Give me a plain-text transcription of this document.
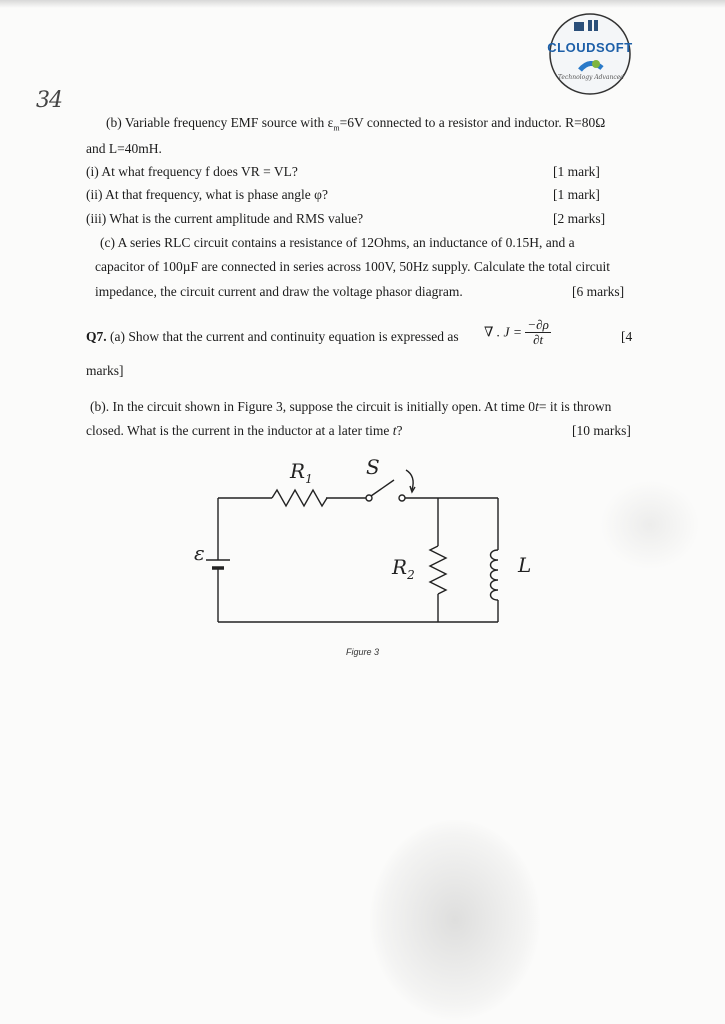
34
CLOUDSOFT
Technology Advanced
(b) Variable frequency EMF source with $\varepsilon_m=6V$ connected to a resistor and inductor. R=80Ω
and L=40mH.
(i) At what frequency f does VR = VL?	[1 mark]
(ii) At that frequency, what is phase angle φ?	[1 mark]
(iii) What is the current amplitude and RMS value?	[2 marks]
(c) A series RLC circuit contains a resistance of 12Ohms, an inductance of 0.15H, and a
capacitor of 100µF are connected in series across 100V, 50Hz supply. Calculate the total circuit
impedance, the circuit current and draw the voltage phasor diagram.	[6 marks]
Q7. (a) Show that the current and continuity equation is expressed as ∇ . $J = \frac{-\partial\rho}{\partial t}$	[4
marks]
(b). In the circuit shown in Figure 3, suppose the circuit is initially open. At time 0t= it is thrown
closed. What is the current in the inductor at a later time t?	[10 marks]
$R_1$	S
ε
$R_2$	L
Figure 3
